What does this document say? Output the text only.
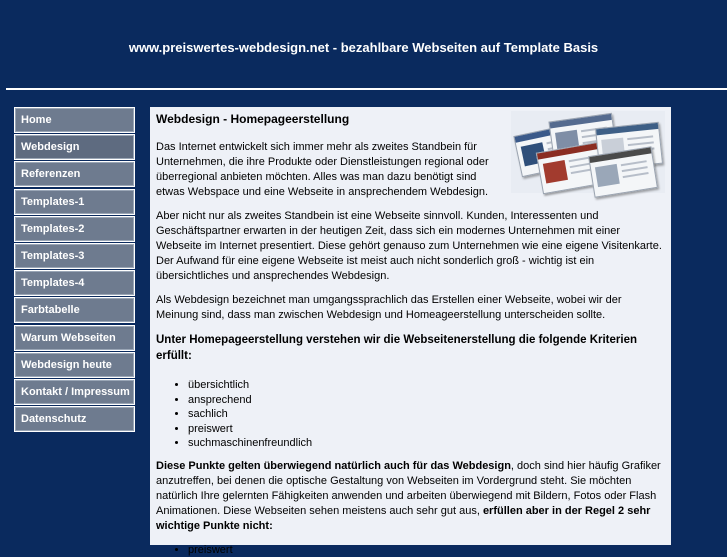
www.preiswertes-webdesign.net - bezahlbare Webseiten auf Template Basis
Home
Webdesign
Referenzen
Templates-1
Templates-2
Templates-3
Templates-4
Farbtabelle
Warum Webseiten
Webdesign heute
Kontakt / Impressum
Datenschutz
Webdesign - Homepageerstellung

Das Internet entwickelt sich immer mehr als zweites Standbein für Unternehmen, die ihre Produkte oder Dienstleistungen regional oder überregional anbieten möchten. Alles was man dazu benötigt sind etwas Webspace und eine Webseite in ansprechendem Webdesign.

Aber nicht nur als zweites Standbein ist eine Webseite sinnvoll. Kunden, Interessenten und Geschäftspartner erwarten in der heutigen Zeit, dass sich ein modernes Unternehmen mit einer Webseite im Internet presentiert. Diese gehört genauso zum Unternehmen wie eine eigene Visitenkarte. Der Aufwand für eine eigene Webseite ist meist auch nicht sonderlich groß - wichtig ist ein übersichtliches und ansprechendes Webdesign.

Als Webdesign bezeichnet man umgangssprachlich das Erstellen einer Webseite, wobei wir der Meinung sind, dass man zwischen Webdesign und Homeageerstellung unterscheiden sollte.

Unter Homepageerstellung verstehen wir die Webseitenerstellung die folgende Kriterien erfüllt:
• übersichtlich
• ansprechend
• sachlich
• preiswert
• suchmaschinenfreundlich

Diese Punkte gelten überwiegend natürlich auch für das Webdesign, doch sind hier häufig Grafiker anzutreffen, bei denen die optische Gestaltung von Webseiten im Vordergrund steht. Sie möchten natürlich Ihre gelernten Fähigkeiten anwenden und arbeiten überwiegend mit Bildern, Fotos oder Flash Animationen. Diese Webseiten sehen meistens auch sehr gut aus, erfüllen aber in der Regel 2 sehr wichtige Punkte nicht:

• preiswert
